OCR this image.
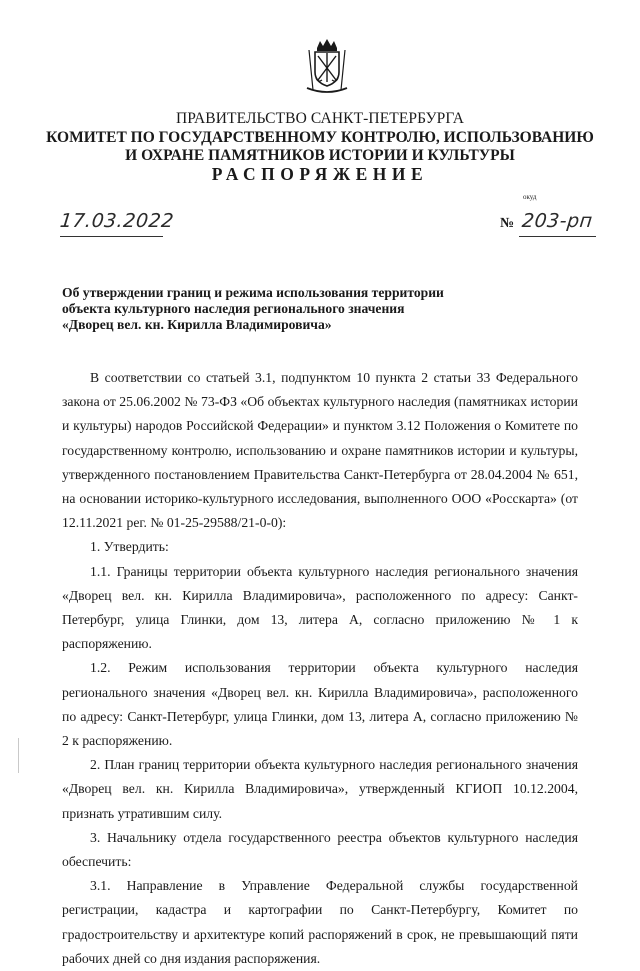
ПРАВИТЕЛЬСТВО САНКТ-ПЕТЕРБУРГА
КОМИТЕТ ПО ГОСУДАРСТВЕННОМУ КОНТРОЛЮ, ИСПОЛЬЗОВАНИЮ
И ОХРАНЕ ПАМЯТНИКОВ ИСТОРИИ И КУЛЬТУРЫ
РАСПОРЯЖЕНИЕ
окуд
17.03.2022	№ 203-рп
Об утверждении границ и режима использования территории
объекта культурного наследия регионального значения
«Дворец вел. кн. Кирилла Владимировича»

В соответствии со статьей 3.1, подпунктом 10 пункта 2 статьи 33 Федерального закона от 25.06.2002 № 73-ФЗ «Об объектах культурного наследия (памятниках истории и культуры) народов Российской Федерации» и пунктом 3.12 Положения о Комитете по государственному контролю, использованию и охране памятников истории и культуры, утвержденного постановлением Правительства Санкт-Петербурга от 28.04.2004 № 651, на основании историко-культурного исследования, выполненного ООО «Росскарта» (от 12.11.2021 рег. № 01-25-29588/21-0-0):

1. Утвердить:

1.1. Границы территории объекта культурного наследия регионального значения «Дворец вел. кн. Кирилла Владимировича», расположенного по адресу: Санкт-Петербург, улица Глинки, дом 13, литера А, согласно приложению № 1 к распоряжению.

1.2. Режим использования территории объекта культурного наследия регионального значения «Дворец вел. кн. Кирилла Владимировича», расположенного по адресу: Санкт-Петербург, улица Глинки, дом 13, литера А, согласно приложению № 2 к распоряжению.

2. План границ территории объекта культурного наследия регионального значения «Дворец вел. кн. Кирилла Владимировича», утвержденный КГИОП 10.12.2004, признать утратившим силу.

3. Начальнику отдела государственного реестра объектов культурного наследия обеспечить:

3.1. Направление в Управление Федеральной службы государственной регистрации, кадастра и картографии по Санкт-Петербургу, Комитет по градостроительству и архитектуре копий распоряжений в срок, не превышающий пяти рабочих дней со дня издания распоряжения.
